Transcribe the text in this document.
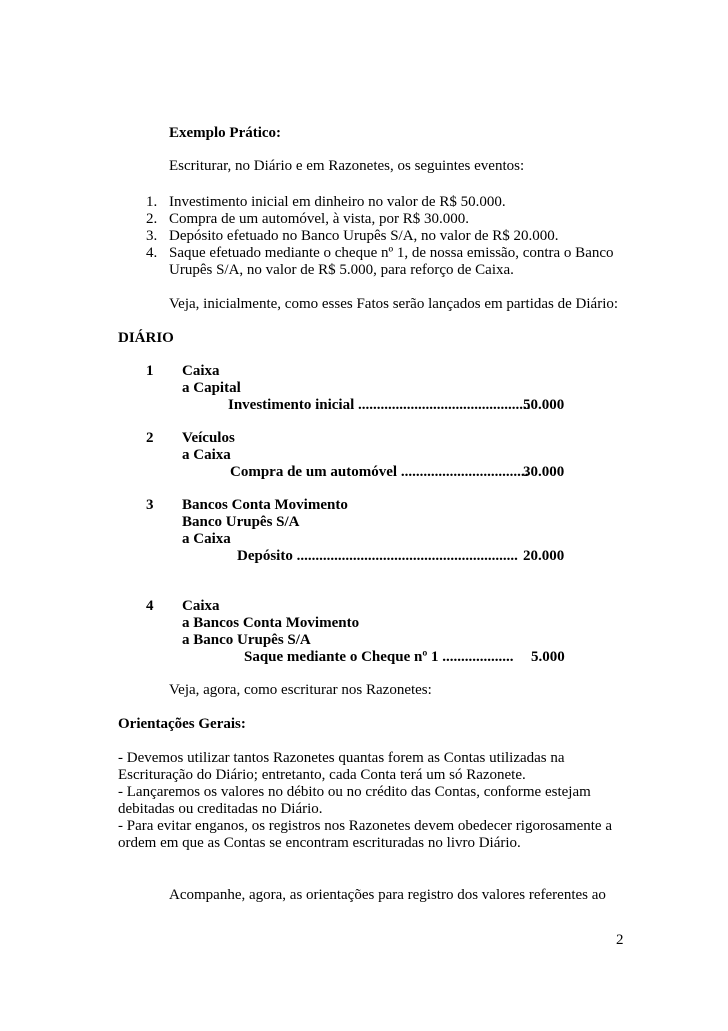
Exemplo Prático:
Escriturar, no Diário e em Razonetes, os seguintes eventos:
1. Investimento inicial em dinheiro no valor de R$ 50.000.
2. Compra de um automóvel, à vista, por R$ 30.000.
3. Depósito efetuado no Banco Urupês S/A, no valor de R$ 20.000.
4. Saque efetuado mediante o cheque nº 1, de nossa emissão, contra o Banco
Urupês S/A, no valor de R$ 5.000, para reforço de Caixa.
Veja, inicialmente, como esses Fatos serão lançados em partidas de Diário:
DIÁRIO
1 Caixa
a Capital
Investimento inicial ..............................................
50.000
2 Veículos
a Caixa
Compra de um automóvel ..................................
30.000
3 Bancos Conta Movimento
Banco Urupês S/A
a Caixa
Depósito ........................................................... 20.000
4 Caixa
a Bancos Conta Movimento
a Banco Urupês S/A
Saque mediante o Cheque nº 1 ................... 5.000
Veja, agora, como escriturar nos Razonetes:
Orientações Gerais:
- Devemos utilizar tantos Razonetes quantas forem as Contas utilizadas na
Escrituração do Diário; entretanto, cada Conta terá um só Razonete.
- Lançaremos os valores no débito ou no crédito das Contas, conforme estejam
debitadas ou creditadas no Diário.
- Para evitar enganos, os registros nos Razonetes devem obedecer rigorosamente a
ordem em que as Contas se encontram escrituradas no livro Diário.
Acompanhe, agora, as orientações para registro dos valores referentes ao
2
